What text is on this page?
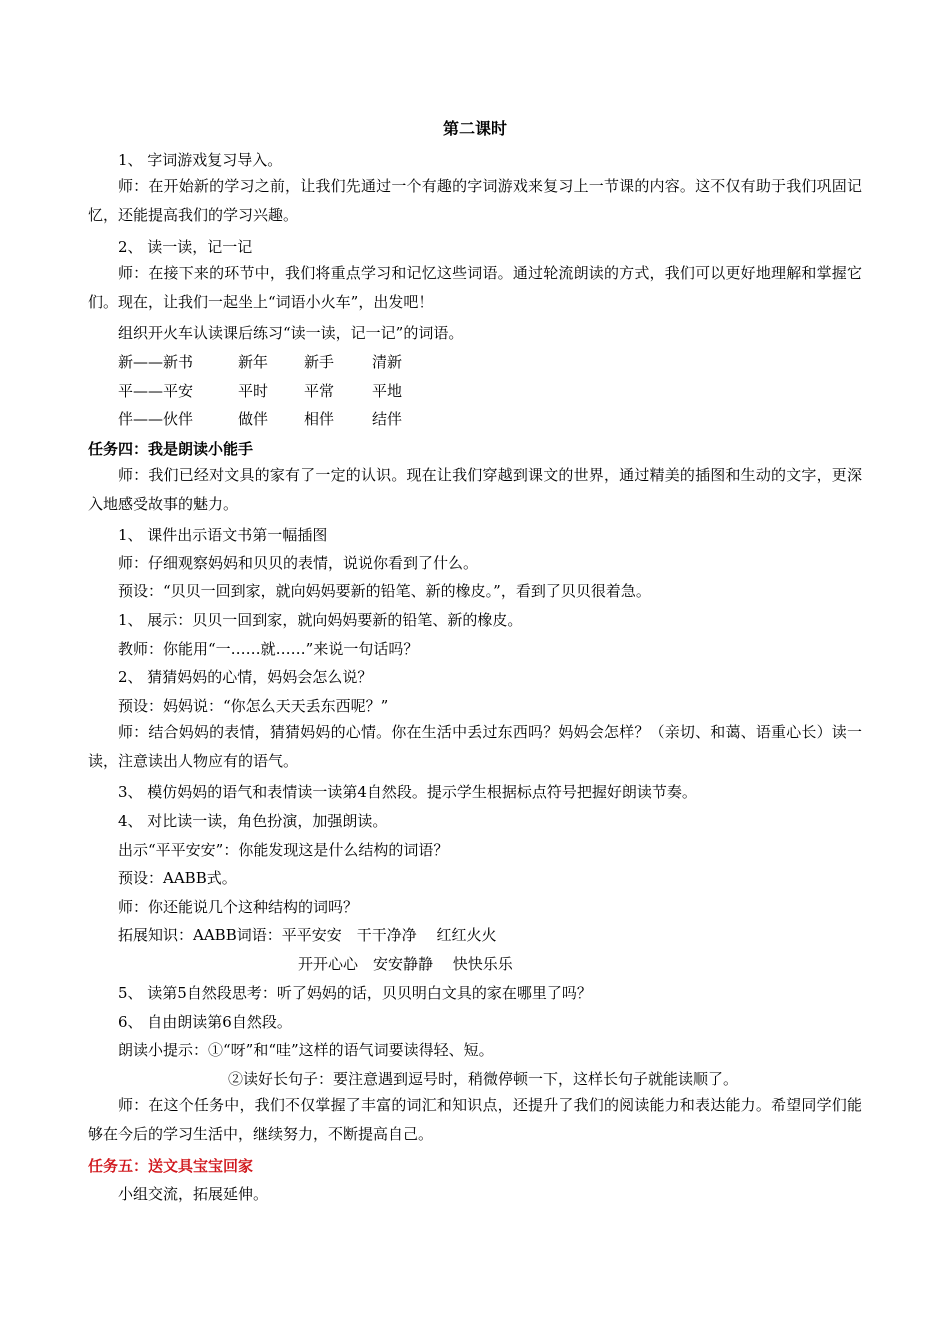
第二课时
1、 字词游戏复习导入。
师：在开始新的学习之前，让我们先通过一个有趣的字词游戏来复习上一节课的内容。这不仅有助于我们巩固记忆，还能提高我们的学习兴趣。
2、 读一读，记一记
师：在接下来的环节中，我们将重点学习和记忆这些词语。通过轮流朗读的方式，我们可以更好地理解和掌握它们。现在，让我们一起坐上“词语小火车”，出发吧！
组织开火车认读课后练习“读一读，记一记”的词语。
新——新书	新年 新手	清新
平——平安	平时 平常	平地
伴——伙伴	做伴 相伴	结伴
任务四：我是朗读小能手
师：我们已经对文具的家有了一定的认识。现在让我们穿越到课文的世界，通过精美的插图和生动的文字，更深入地感受故事的魅力。
1、 课件出示语文书第一幅插图
师：仔细观察妈妈和贝贝的表情，说说你看到了什么。
预设：“贝贝一回到家，就向妈妈要新的铅笔、新的橡皮。”，看到了贝贝很着急。
1、 展示：贝贝一回到家，就向妈妈要新的铅笔、新的橡皮。
教师：你能用“一……就……”来说一句话吗？
2、 猜猜妈妈的心情，妈妈会怎么说？
预设：妈妈说：“你怎么天天丢东西呢？”
师：结合妈妈的表情，猜猜妈妈的心情。你在生活中丢过东西吗？妈妈会怎样？（亲切、和蔼、语重心长）读一读，注意读出人物应有的语气。
3、 模仿妈妈的语气和表情读一读第4自然段。提示学生根据标点符号把握好朗读节奏。
4、 对比读一读，角色扮演，加强朗读。
出示“平平安安”：你能发现这是什么结构的词语？
预设：AABB式。
师：你还能说几个这种结构的词吗？
拓展知识：AABB词语：平平安安　干干净净　 红红火火
开开心心　安安静静　 快快乐乐
5、 读第5自然段思考：听了妈妈的话，贝贝明白文具的家在哪里了吗？
6、 自由朗读第6自然段。
朗读小提示：①“呀”和“哇”这样的语气词要读得轻、短。
②读好长句子：要注意遇到逗号时，稍微停顿一下，这样长句子就能读顺了。
师：在这个任务中，我们不仅掌握了丰富的词汇和知识点，还提升了我们的阅读能力和表达能力。希望同学们能够在今后的学习生活中，继续努力，不断提高自己。
任务五：送文具宝宝回家
小组交流，拓展延伸。
